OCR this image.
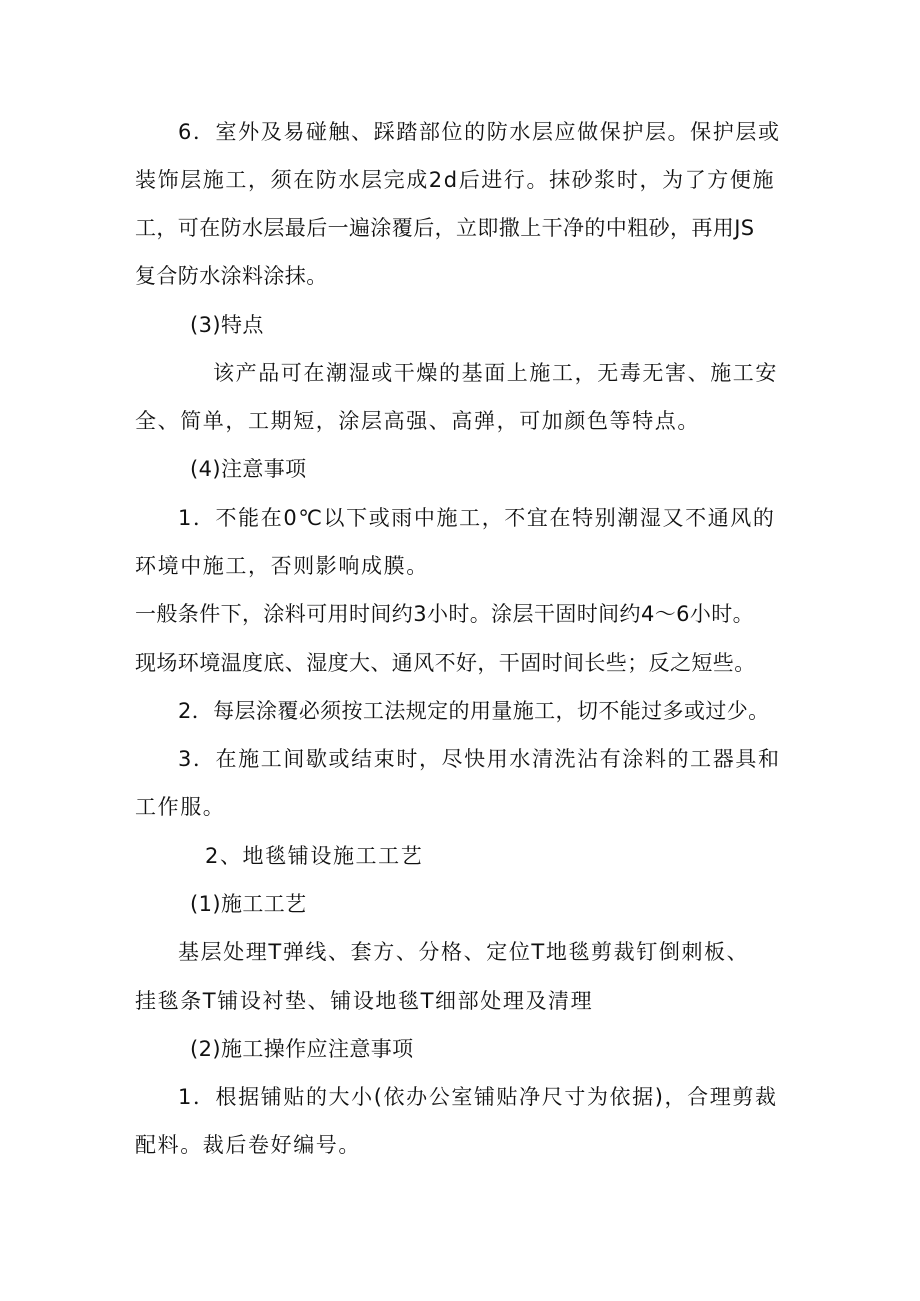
6．室外及易碰触、踩踏部位的防水层应做保护层。保护层或
装饰层施工，须在防水层完成2d后进行。抹砂浆时，为了方便施
工，可在防水层最后一遍涂覆后，立即撒上干净的中粗砂，再用JS
复合防水涂料涂抹。
(3)特点
该产品可在潮湿或干燥的基面上施工，无毒无害、施工安
全、简单，工期短，涂层高强、高弹，可加颜色等特点。
(4)注意事项
1．不能在0℃以下或雨中施工，不宜在特别潮湿又不通风的
环境中施工，否则影响成膜。
一般条件下，涂料可用时间约3小时。涂层干固时间约4〜6小时。
现场环境温度底、湿度大、通风不好，干固时间长些；反之短些。
2．每层涂覆必须按工法规定的用量施工，切不能过多或过少。
3．在施工间歇或结束时，尽快用水清洗沾有涂料的工器具和
工作服。
2、地毯铺设施工工艺
(1)施工工艺
基层处理T弹线、套方、分格、定位T地毯剪裁钉倒刺板、
挂毯条T铺设衬垫、铺设地毯T细部处理及清理
(2)施工操作应注意事项
1．根据铺贴的大小(依办公室铺贴净尺寸为依据)，合理剪裁
配料。裁后卷好编号。
